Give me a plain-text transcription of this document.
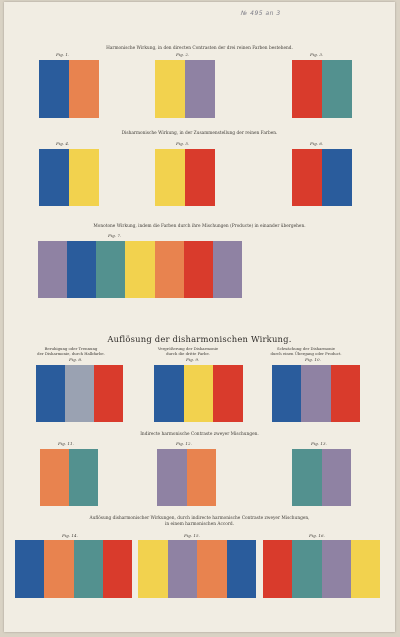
№ 495 an 3
Harmonische Wirkung, in den directen Contrasten der drei reinen Farben bestehend.
Disharmonische Wirkung, in der Zusammenstellung der reinen Farben.
Monotone Wirkung, indem die Farben durch ihre Mischungen (Producte) in einander übergehen.
Auflösung der disharmonischen Wirkung.
Beruhigung oder Trennung
der Disharmonie, durch Halbfarbe.
Vergrößerung der Disharmonie
durch die dritte Farbe.
Schwächung der Disharmonie
durch einen Übergang oder Product.
Indirecte harmonische Contraste zweyer Mischungen.
Auflösung disharmonischer Wirkungen, durch indirecte harmonische Contraste zweyer Mischungen,
in einem harmonischen Accord.
Fig. 1.	Fig. 2.	Fig. 3.
Fig. 4.	Fig. 5.	Fig. 6.
Fig. 7.
Fig. 8.	Fig. 9.	Fig. 10.
Fig. 11.	Fig. 12.	Fig. 13.
Fig. 14.	Fig. 15.	Fig. 16.
